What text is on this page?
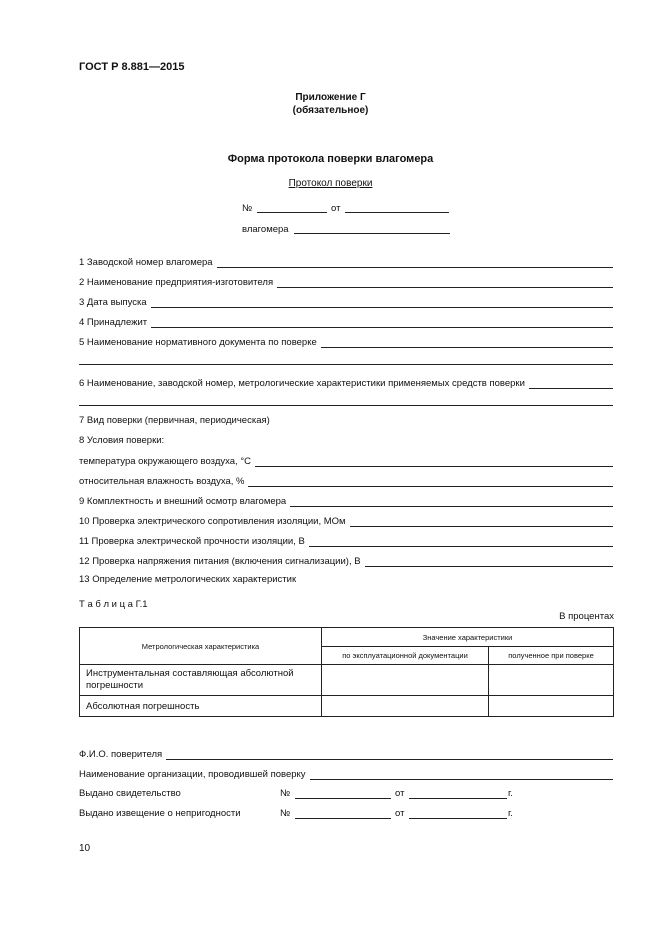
ГОСТ Р 8.881—2015
Приложение Г
(обязательное)
Форма протокола поверки влагомера
Протокол поверки
№	от
влагомера
1 Заводской номер влагомера
2 Наименование предприятия-изготовителя
3 Дата выпуска
4 Принадлежит
5 Наименование нормативного документа по поверке
6 Наименование, заводской номер, метрологические характеристики применяемых средств поверки
7 Вид поверки (первичная, периодическая)
8 Условия поверки:
температура окружающего воздуха, °С
относительная влажность воздуха, %
9 Комплектность и внешний осмотр влагомера
10 Проверка электрического сопротивления изоляции, МОм
11 Проверка электрической прочности изоляции, В
12 Проверка напряжения питания (включения сигнализации), В
13 Определение метрологических характеристик
Т а б л и ц а Г.1
В процентах
Метрологическая характеристика	Значение характеристики	
	по эксплуатационной документации	полученное при поверке
Инструментальная составляющая абсолютной погрешности		
Абсолютная погрешность		
Ф.И.О. поверителя
Наименование организации, проводившей поверку
Выдано свидетельство	№	от	г.
Выдано извещение о непригодности	№	от	г.
10
